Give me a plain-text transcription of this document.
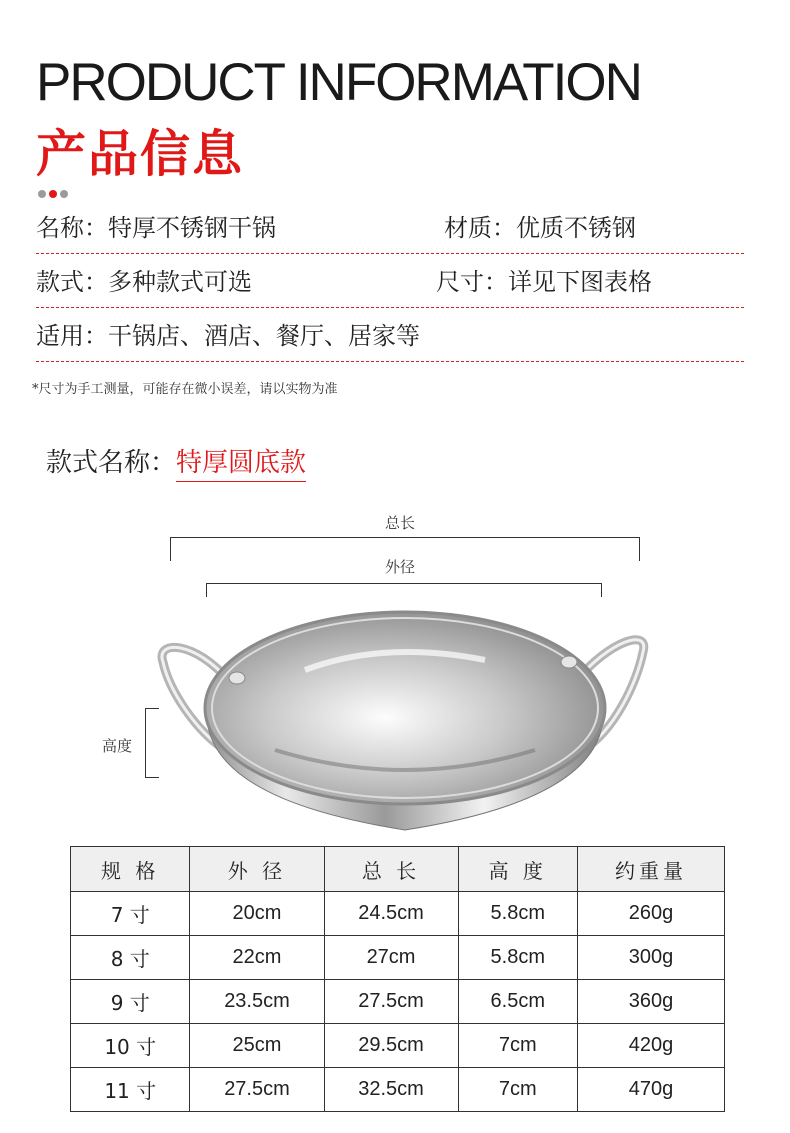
PRODUCT INFORMATION
产品信息
名称：特厚不锈钢干锅	材质：优质不锈钢
款式：多种款式可选	尺寸：详见下图表格
适用：干锅店、酒店、餐厅、居家等
*尺寸为手工测量，可能存在微小误差，请以实物为准
款式名称： 特厚圆底款
总长
外径
高度
规 格	外 径	总 长	高 度	约重量
7 寸	20cm	24.5cm	5.8cm	260g
8 寸	22cm	27cm	5.8cm	300g
9 寸	23.5cm	27.5cm	6.5cm	360g
10 寸	25cm	29.5cm	7cm	420g
11 寸	27.5cm	32.5cm	7cm	470g
